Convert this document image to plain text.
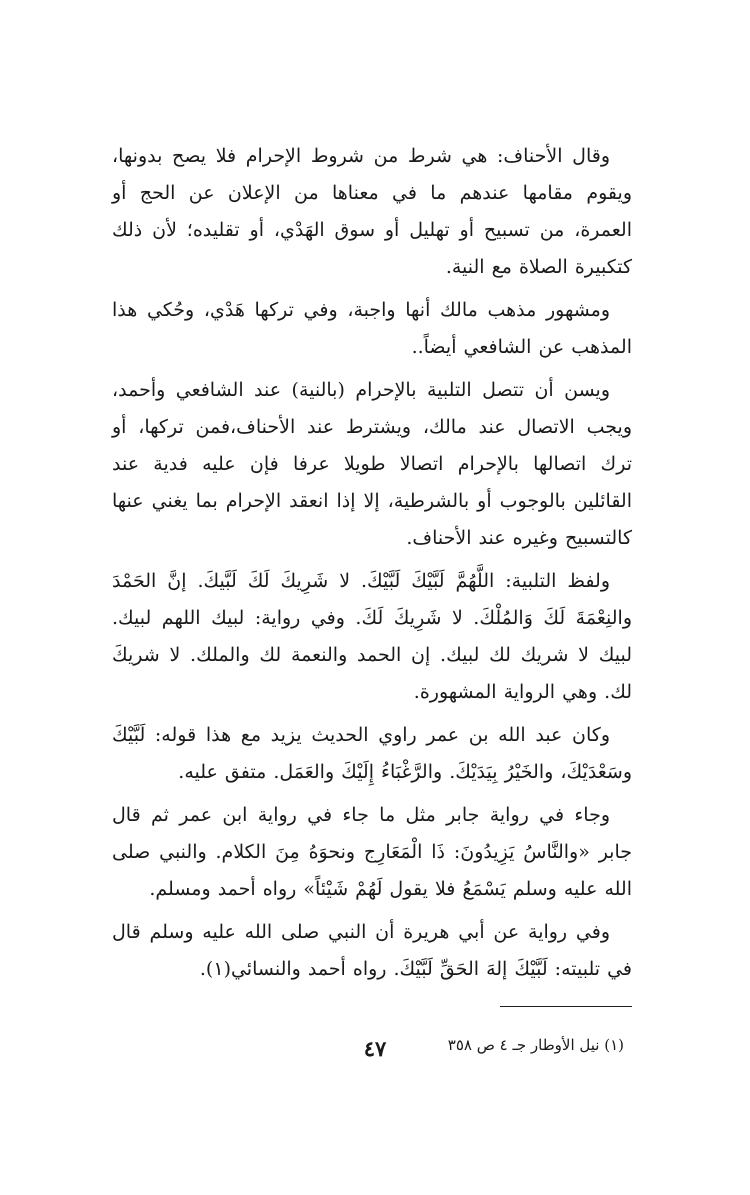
وقال الأحناف: هي شرط من شروط الإحرام فلا يصح بدونها، ويقوم مقامها عندهم ما في معناها من الإعلان عن الحج أو العمرة، من تسبيح أو تهليل أو سوق الهَدْي، أو تقليده؛ لأن ذلك كتكبيرة الصلاة مع النية.

ومشهور مذهب مالك أنها واجبة، وفي تركها هَدْي، وحُكي هذا المذهب عن الشافعي أيضاً..

ويسن أن تتصل التلبية بالإحرام (بالنية) عند الشافعي وأحمد، ويجب الاتصال عند مالك، ويشترط عند الأحناف،فمن تركها، أو ترك اتصالها بالإحرام اتصالا طويلا عرفا فإن عليه فدية عند القائلين بالوجوب أو بالشرطية، إلا إذا انعقد الإحرام بما يغني عنها كالتسبيح وغيره عند الأحناف.

ولفظ التلبية: اللَّهُمَّ لَبَّيْكَ لَبَّيْكَ. لا شَرِيكَ لَكَ لَبَّيكَ. إنَّ الحَمْدَ والنِعْمَةَ لَكَ وَالمُلْكَ. لا شَرِيكَ لَكَ. وفي رواية: لبيك اللهم لبيك. لبيك لا شريك لك لبيك. إن الحمد والنعمة لك والملك. لا شريكَ لك. وهي الرواية المشهورة.

وكان عبد الله بن عمر راوي الحديث يزيد مع هذا قوله: لَبَّيْكَ وسَعْدَيْكَ، والخَيْرُ بِيَدَيْكَ. والرَّغْبَاءُ إِلَيْكَ والعَمَل. متفق عليه.

وجاء في رواية جابر مثل ما جاء في رواية ابن عمر ثم قال جابر «والنَّاسُ يَزِيدُونَ: ذَا الْمَعَارِج ونحوَهُ مِنَ الكلام. والنبي صلى الله عليه وسلم يَسْمَعُ فلا يقول لَهُمْ شَيْئاً» رواه أحمد ومسلم.

وفي رواية عن أبي هريرة أن النبي صلى الله عليه وسلم قال في تلبيته: لَبَّيْكَ إلهَ الحَقِّ لَبَّيْكَ. رواه أحمد والنسائي(١).

(١) نيل الأوطار جـ ٤ ص ٣٥٨
٤٧
